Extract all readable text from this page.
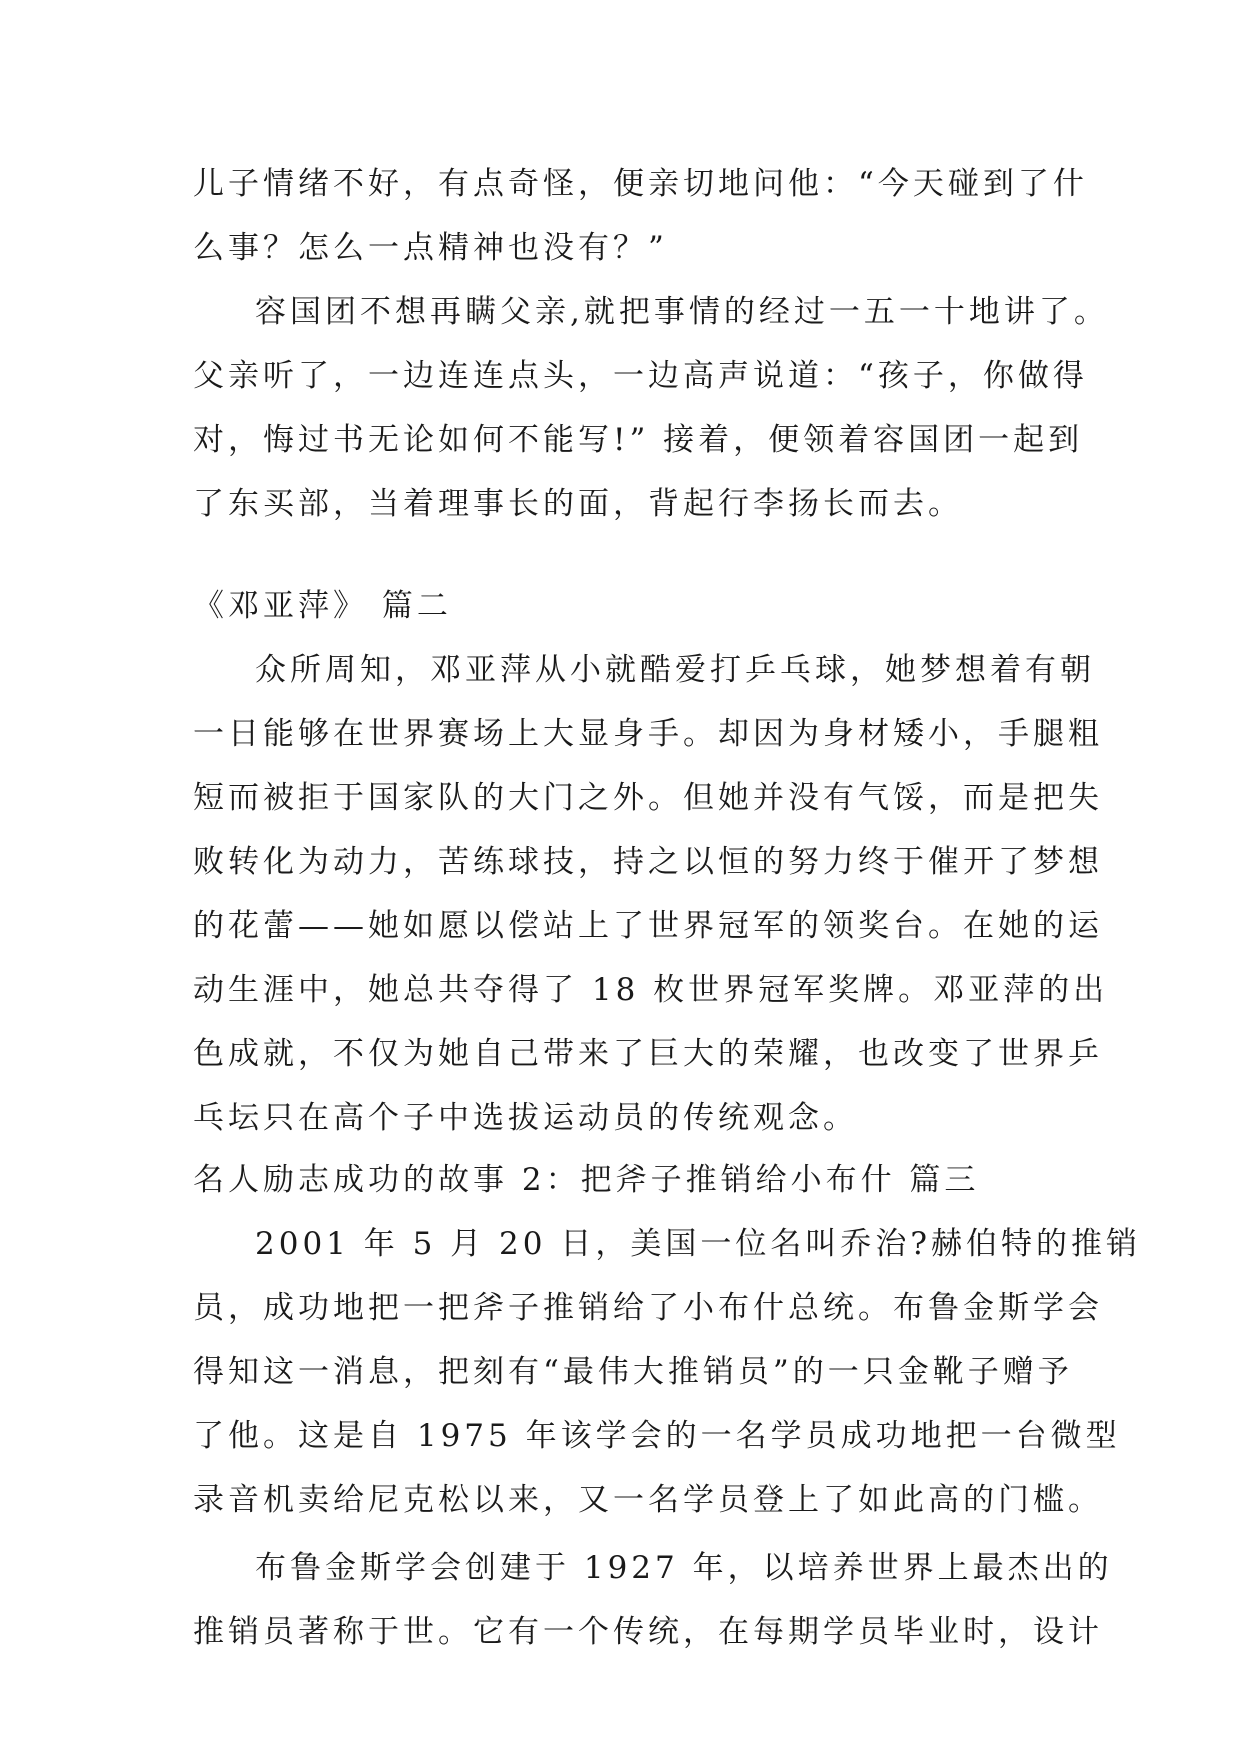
儿子情绪不好，有点奇怪，便亲切地问他：“今天碰到了什
么事？怎么一点精神也没有？”
容国团不想再瞒父亲,就把事情的经过一五一十地讲了。
父亲听了，一边连连点头，一边高声说道：“孩子，你做得
对，悔过书无论如何不能写!” 接着，便领着容国团一起到
了东买部，当着理事长的面，背起行李扬长而去。
《邓亚萍》 篇二
众所周知，邓亚萍从小就酷爱打乒乓球，她梦想着有朝
一日能够在世界赛场上大显身手。却因为身材矮小，手腿粗
短而被拒于国家队的大门之外。但她并没有气馁，而是把失
败转化为动力，苦练球技，持之以恒的努力终于催开了梦想
的花蕾——她如愿以偿站上了世界冠军的领奖台。在她的运
动生涯中，她总共夺得了 18 枚世界冠军奖牌。邓亚萍的出
色成就，不仅为她自己带来了巨大的荣耀，也改变了世界乒
乓坛只在高个子中选拔运动员的传统观念。
名人励志成功的故事 2：把斧子推销给小布什 篇三
2001 年 5 月 20 日，美国一位名叫乔治?赫伯特的推销
员，成功地把一把斧子推销给了小布什总统。布鲁金斯学会
得知这一消息，把刻有“最伟大推销员”的一只金靴子赠予
了他。这是自 1975 年该学会的一名学员成功地把一台微型
录音机卖给尼克松以来，又一名学员登上了如此高的门槛。
布鲁金斯学会创建于 1927 年，以培养世界上最杰出的
推销员著称于世。它有一个传统，在每期学员毕业时，设计
